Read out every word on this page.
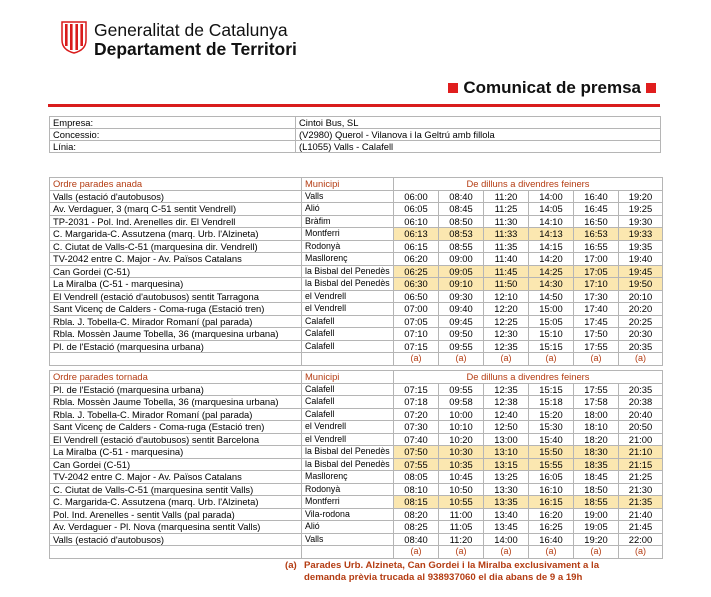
Generalitat de Catalunya
Departament de Territori
Comunicat de premsa
Empresa:	Cintoi Bus, SL
Concessio:	(V2980) Querol - Vilanova i la Geltrú amb fillola
Línia:	(L1055) Valls - Calafell
Ordre parades anada	Municipi	De dilluns a divendres feiners					
Valls (estació d'autobusos)	Valls	06:00	08:40	11:20	14:00	16:40	19:20
Av. Verdaguer, 3 (marq C-51 sentit Vendrell)	Alió	06:05	08:45	11:25	14:05	16:45	19:25
TP-2031 - Pol. Ind. Arenelles dir. El Vendrell	Bràfim	06:10	08:50	11:30	14:10	16:50	19:30
C. Margarida-C. Assutzena (marq. Urb. l'Alzineta)	Montferri	06:13	08:53	11:33	14:13	16:53	19:33
C. Ciutat de Valls-C-51 (marquesina dir. Vendrell)	Rodonyà	06:15	08:55	11:35	14:15	16:55	19:35
TV-2042 entre C. Major - Av. Països Catalans	Masllorenç	06:20	09:00	11:40	14:20	17:00	19:40
Can Gordei (C-51)	la Bisbal del Penedès	06:25	09:05	11:45	14:25	17:05	19:45
La Miralba (C-51 - marquesina)	la Bisbal del Penedès	06:30	09:10	11:50	14:30	17:10	19:50
El Vendrell (estació d'autobusos) sentit Tarragona	el Vendrell	06:50	09:30	12:10	14:50	17:30	20:10
Sant Vicenç de Calders - Coma-ruga (Estació tren)	el Vendrell	07:00	09:40	12:20	15:00	17:40	20:20
Rbla. J. Tobella-C. Mirador Romaní (pal parada)	Calafell	07:05	09:45	12:25	15:05	17:45	20:25
Rbla. Mossèn Jaume Tobella, 36 (marquesina urbana)	Calafell	07:10	09:50	12:30	15:10	17:50	20:30
Pl. de l'Estació (marquesina urbana)	Calafell	07:15	09:55	12:35	15:15	17:55	20:35
		(a)	(a)	(a)	(a)	(a)	(a)
Ordre parades tornada	Municipi	De dilluns a divendres feiners					
Pl. de l'Estació (marquesina urbana)	Calafell	07:15	09:55	12:35	15:15	17:55	20:35
Rbla. Mossèn Jaume Tobella, 36 (marquesina urbana)	Calafell	07:18	09:58	12:38	15:18	17:58	20:38
Rbla. J. Tobella-C. Mirador Romaní (pal parada)	Calafell	07:20	10:00	12:40	15:20	18:00	20:40
Sant Vicenç de Calders - Coma-ruga (Estació tren)	el Vendrell	07:30	10:10	12:50	15:30	18:10	20:50
El Vendrell (estació d'autobusos) sentit Barcelona	el Vendrell	07:40	10:20	13:00	15:40	18:20	21:00
La Miralba (C-51 - marquesina)	la Bisbal del Penedès	07:50	10:30	13:10	15:50	18:30	21:10
Can Gordei (C-51)	la Bisbal del Penedès	07:55	10:35	13:15	15:55	18:35	21:15
TV-2042 entre C. Major - Av. Països Catalans	Masllorenç	08:05	10:45	13:25	16:05	18:45	21:25
C. Ciutat de Valls-C-51 (marquesina sentit Valls)	Rodonyà	08:10	10:50	13:30	16:10	18:50	21:30
C. Margarida-C. Assutzena (marq. Urb. l'Alzineta)	Montferri	08:15	10:55	13:35	16:15	18:55	21:35
Pol. Ind. Arenelles - sentit Valls (pal parada)	Vila-rodona	08:20	11:00	13:40	16:20	19:00	21:40
Av. Verdaguer - Pl. Nova (marquesina sentit Valls)	Alió	08:25	11:05	13:45	16:25	19:05	21:45
Valls (estació d'autobusos)	Valls	08:40	11:20	14:00	16:40	19:20	22:00
		(a)	(a)	(a)	(a)	(a)	(a)
(a) Parades Urb. Alzineta, Can Gordei i la Miralba exclusivament a la
demanda prèvia trucada al 938937060 el dia abans de 9 a 19h
